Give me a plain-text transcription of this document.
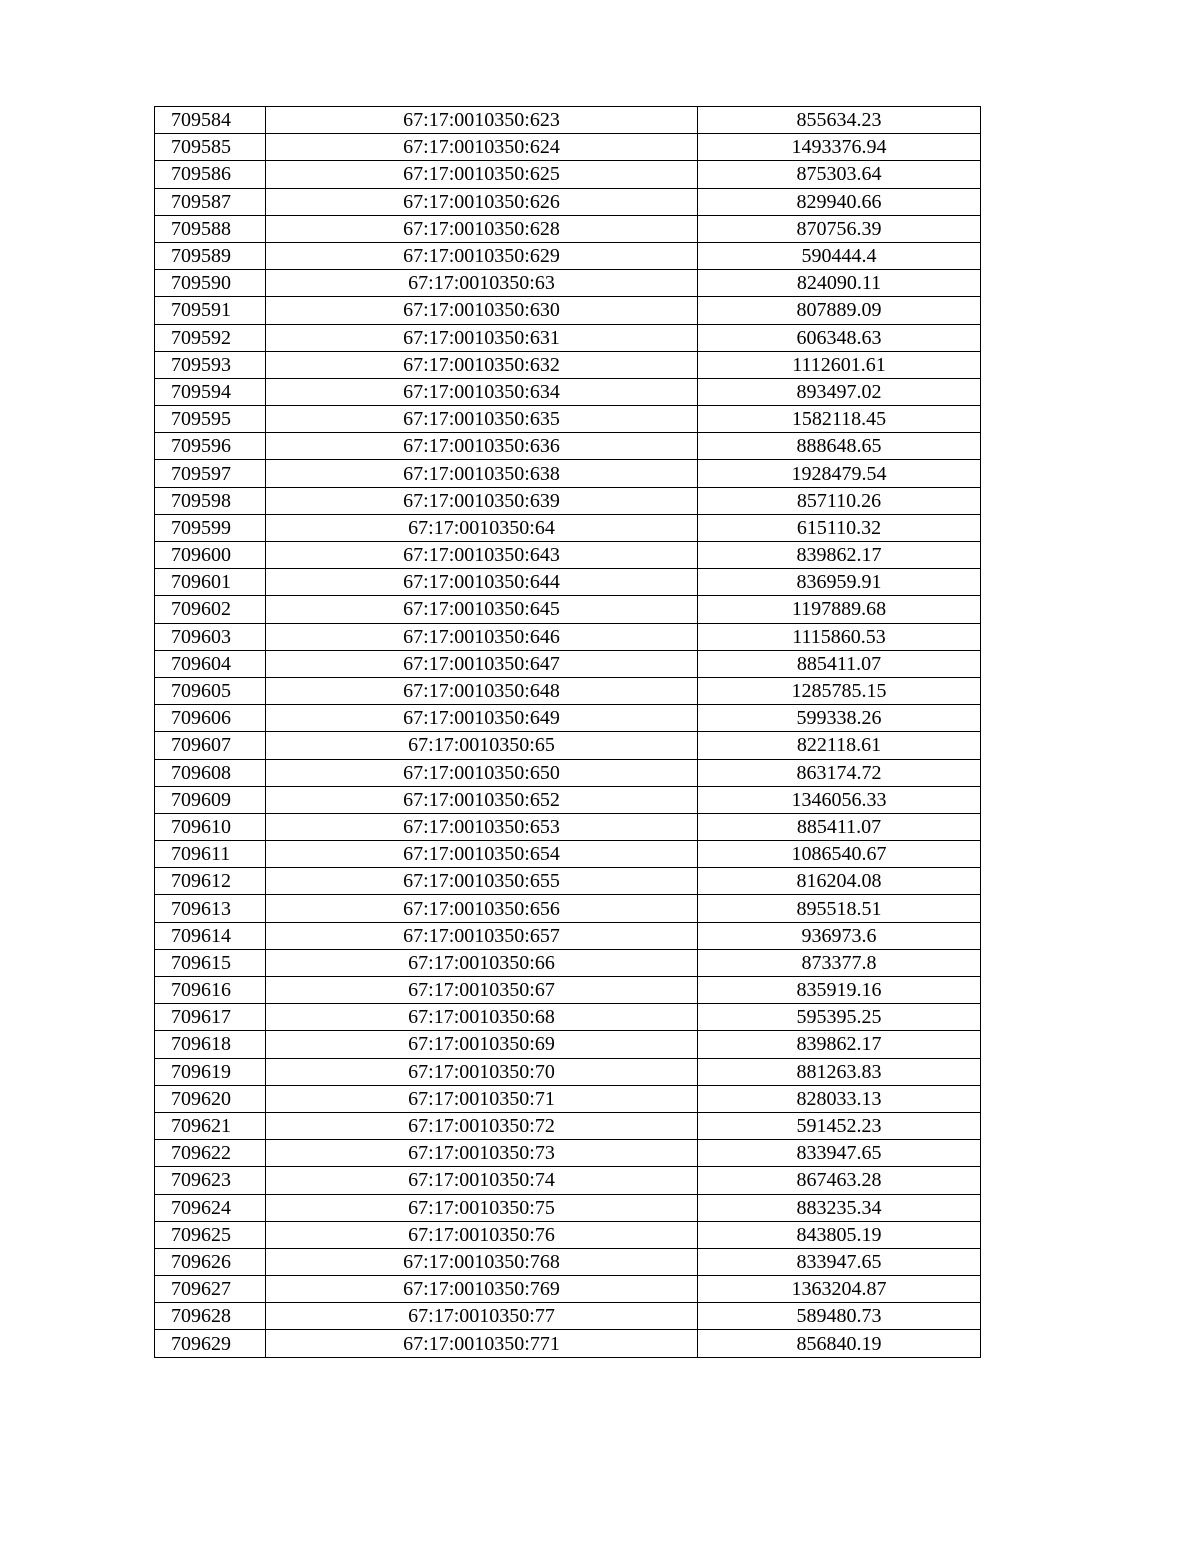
709584	67:17:0010350:623	855634.23
709585	67:17:0010350:624	1493376.94
709586	67:17:0010350:625	875303.64
709587	67:17:0010350:626	829940.66
709588	67:17:0010350:628	870756.39
709589	67:17:0010350:629	590444.4
709590	67:17:0010350:63	824090.11
709591	67:17:0010350:630	807889.09
709592	67:17:0010350:631	606348.63
709593	67:17:0010350:632	1112601.61
709594	67:17:0010350:634	893497.02
709595	67:17:0010350:635	1582118.45
709596	67:17:0010350:636	888648.65
709597	67:17:0010350:638	1928479.54
709598	67:17:0010350:639	857110.26
709599	67:17:0010350:64	615110.32
709600	67:17:0010350:643	839862.17
709601	67:17:0010350:644	836959.91
709602	67:17:0010350:645	1197889.68
709603	67:17:0010350:646	1115860.53
709604	67:17:0010350:647	885411.07
709605	67:17:0010350:648	1285785.15
709606	67:17:0010350:649	599338.26
709607	67:17:0010350:65	822118.61
709608	67:17:0010350:650	863174.72
709609	67:17:0010350:652	1346056.33
709610	67:17:0010350:653	885411.07
709611	67:17:0010350:654	1086540.67
709612	67:17:0010350:655	816204.08
709613	67:17:0010350:656	895518.51
709614	67:17:0010350:657	936973.6
709615	67:17:0010350:66	873377.8
709616	67:17:0010350:67	835919.16
709617	67:17:0010350:68	595395.25
709618	67:17:0010350:69	839862.17
709619	67:17:0010350:70	881263.83
709620	67:17:0010350:71	828033.13
709621	67:17:0010350:72	591452.23
709622	67:17:0010350:73	833947.65
709623	67:17:0010350:74	867463.28
709624	67:17:0010350:75	883235.34
709625	67:17:0010350:76	843805.19
709626	67:17:0010350:768	833947.65
709627	67:17:0010350:769	1363204.87
709628	67:17:0010350:77	589480.73
709629	67:17:0010350:771	856840.19
